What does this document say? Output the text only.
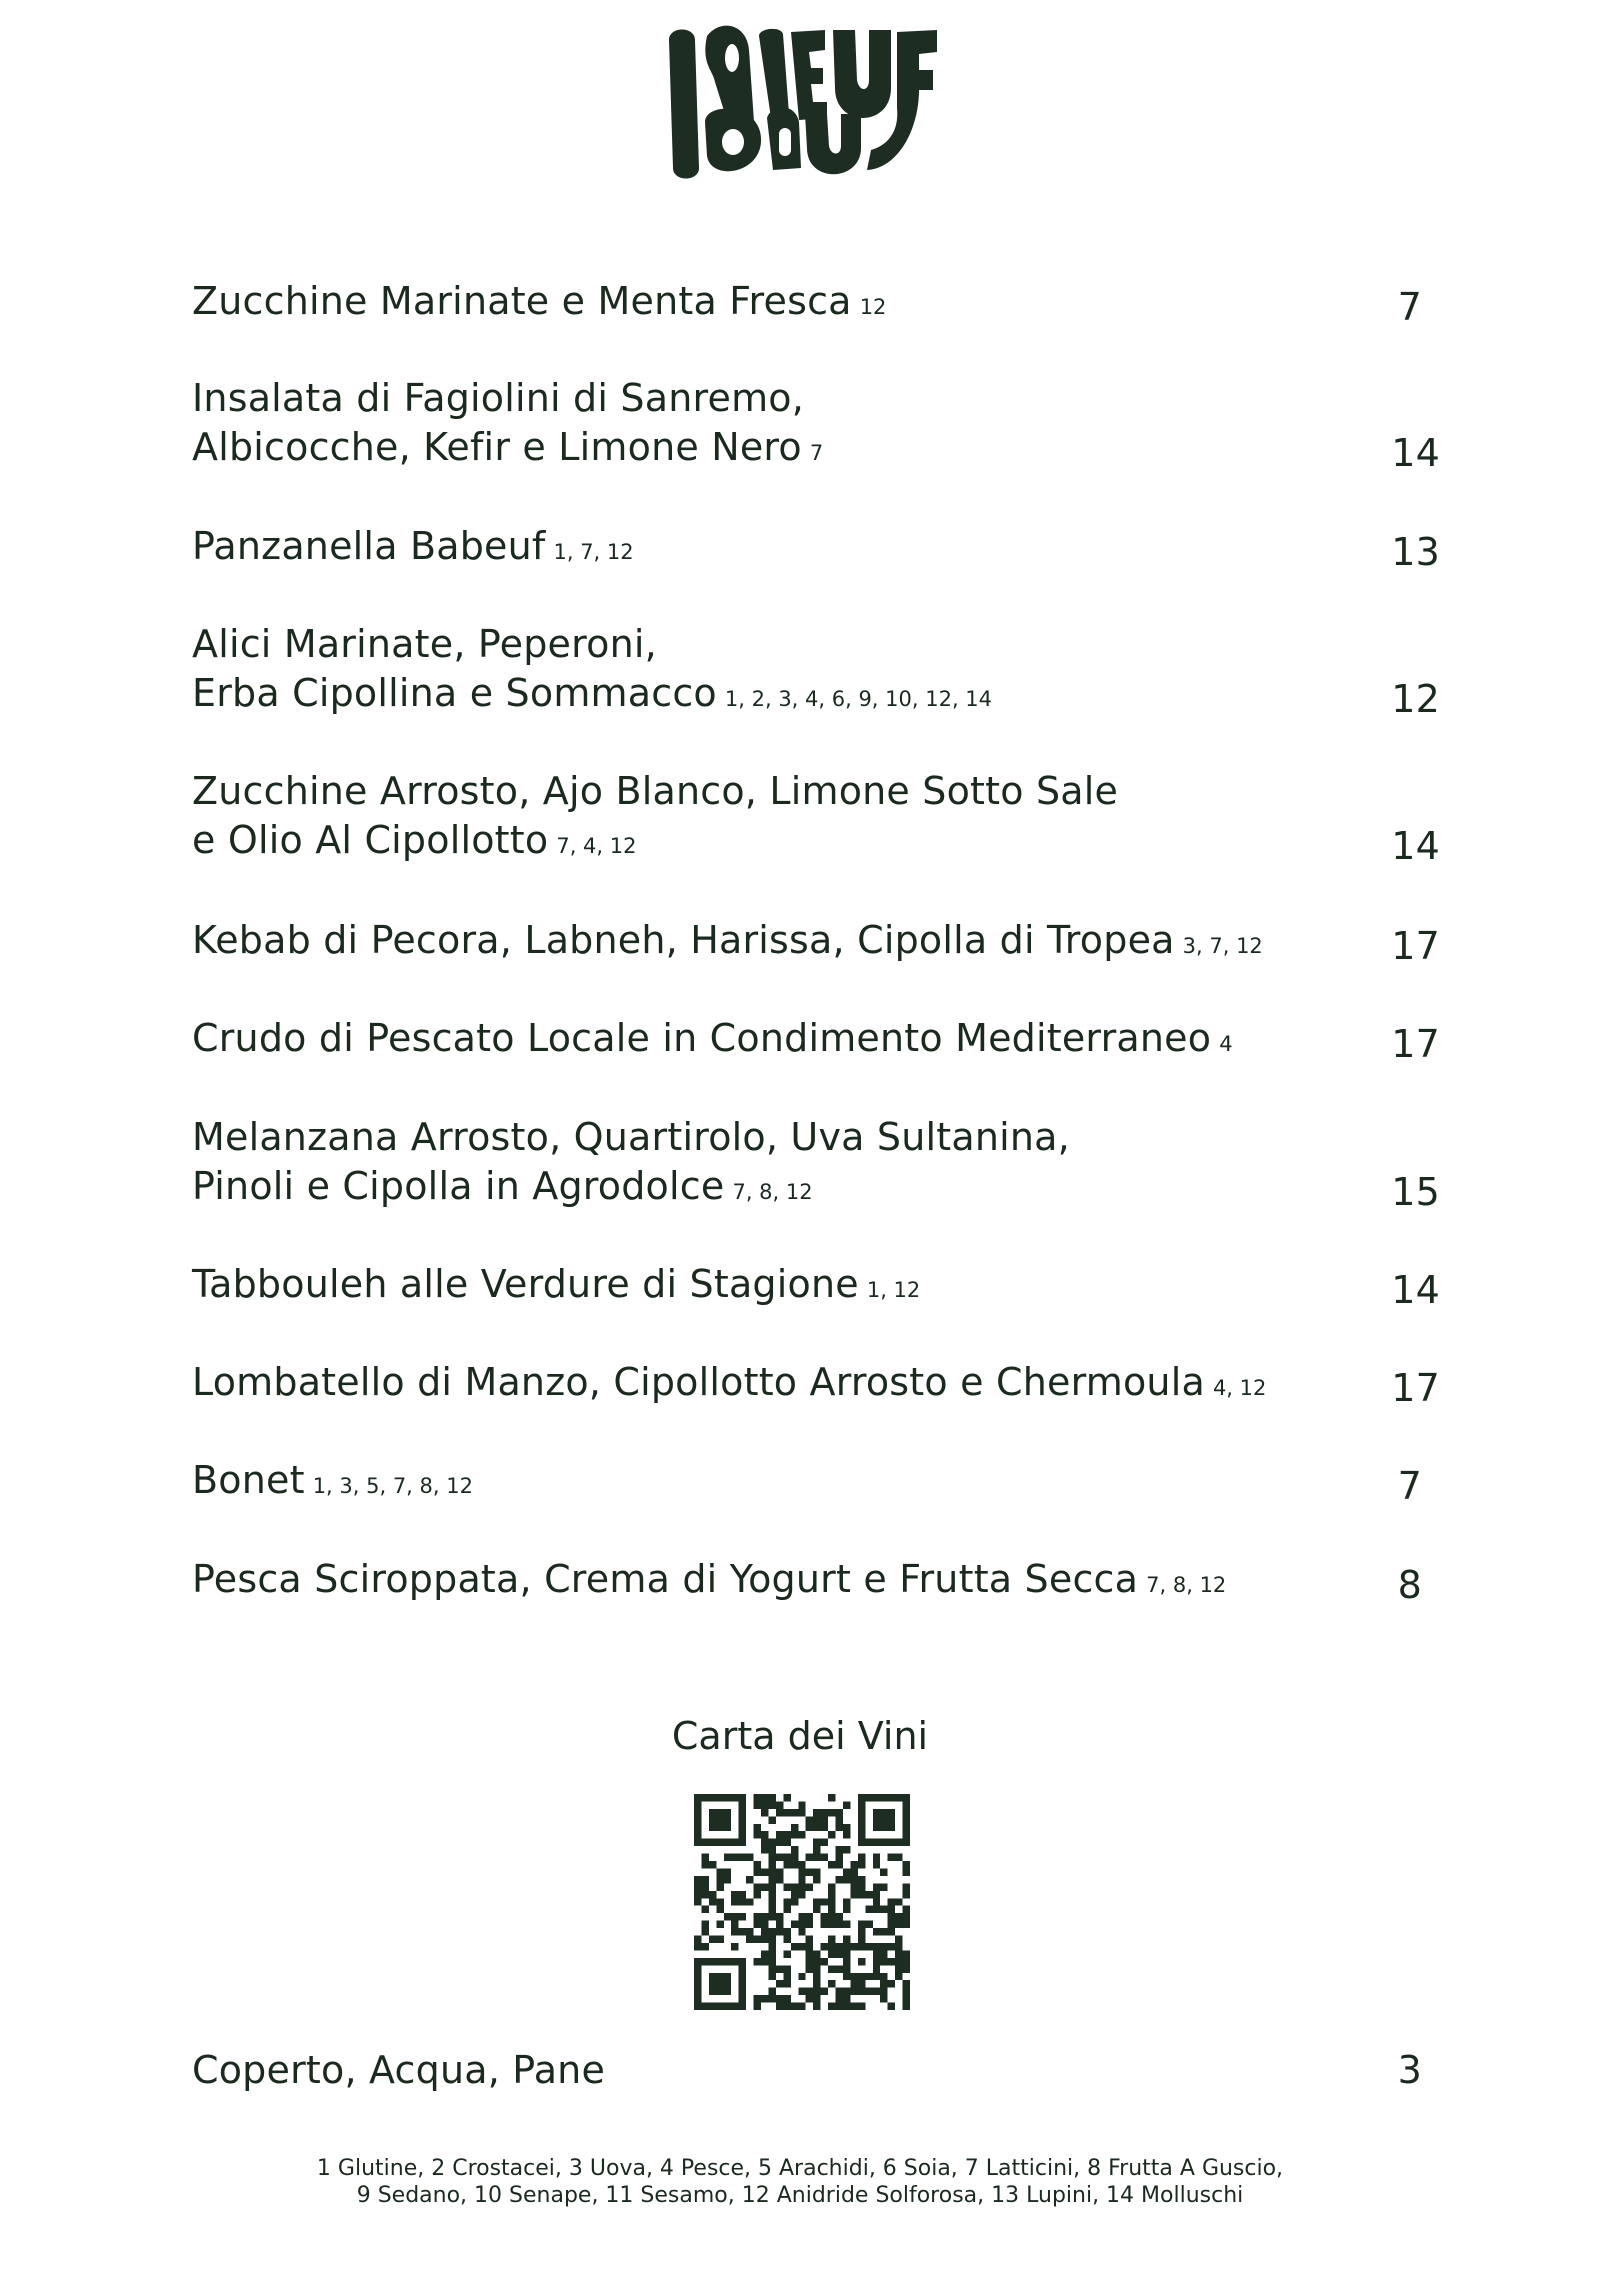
Zucchine Marinate e Menta Fresca 12	7
Insalata di Fagiolini di Sanremo,
Albicocche, Kefir e Limone Nero 7	14
Panzanella Babeuf 1, 7, 12	13
Alici Marinate, Peperoni,
Erba Cipollina e Sommacco 1, 2, 3, 4, 6, 9, 10, 12, 14	12
Zucchine Arrosto, Ajo Blanco, Limone Sotto Sale
e Olio Al Cipollotto 7, 4, 12	14
Kebab di Pecora, Labneh, Harissa, Cipolla di Tropea 3, 7, 12	17
Crudo di Pescato Locale in Condimento Mediterraneo 4	17
Melanzana Arrosto, Quartirolo, Uva Sultanina,
Pinoli e Cipolla in Agrodolce 7, 8, 12	15
Tabbouleh alle Verdure di Stagione 1, 12	14
Lombatello di Manzo, Cipollotto Arrosto e Chermoula 4, 12	17
Bonet 1, 3, 5, 7, 8, 12	7
Pesca Sciroppata, Crema di Yogurt e Frutta Secca 7, 8, 12	8
Coperto, Acqua, Pane	3
Carta dei Vini
1 Glutine, 2 Crostacei, 3 Uova, 4 Pesce, 5 Arachidi, 6 Soia, 7 Latticini, 8 Frutta A Guscio,
9 Sedano, 10 Senape, 11 Sesamo, 12 Anidride Solforosa, 13 Lupini, 14 Molluschi
